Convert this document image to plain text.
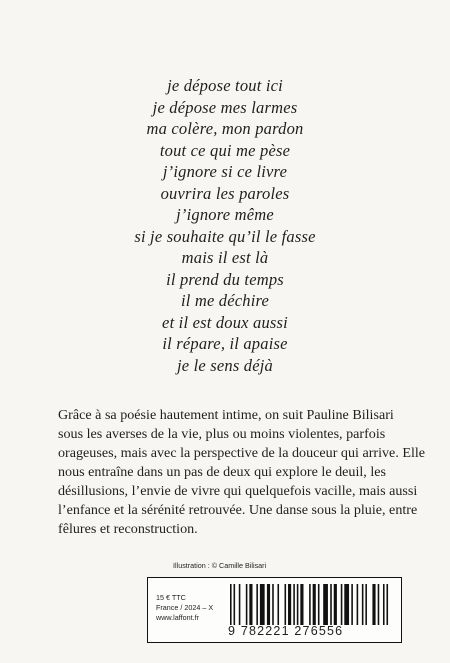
je dépose tout ici
je dépose mes larmes
ma colère, mon pardon
tout ce qui me pèse
j’ignore si ce livre
ouvrira les paroles
j’ignore même
si je souhaite qu’il le fasse
mais il est là
il prend du temps
il me déchire
et il est doux aussi
il répare, il apaise
je le sens déjà
Grâce à sa poésie hautement intime, on suit Pauline Bilisari
sous les averses de la vie, plus ou moins violentes, parfois
orageuses, mais avec la perspective de la douceur qui arrive. Elle
nous entraîne dans un pas de deux qui explore le deuil, les
désillusions, l’envie de vivre qui quelquefois vacille, mais aussi
l’enfance et la sérénité retrouvée. Une danse sous la pluie, entre
fêlures et reconstruction.
Illustration : © Camille Bilisari
15 € TTC
France / 2024 – X
www.laffont.fr
9 782221 276556
